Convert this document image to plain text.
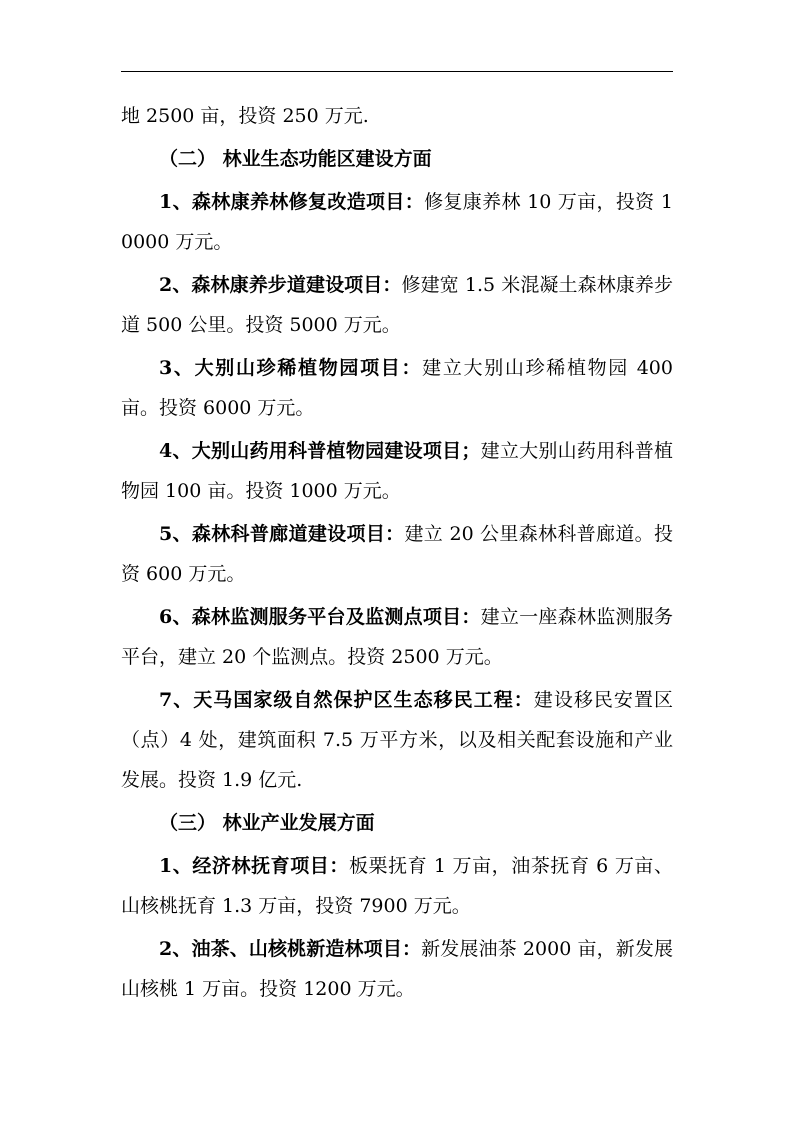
地 2500 亩，投资 250 万元.

（二） 林业生态功能区建设方面

1、森林康养林修复改造项目：修复康养林 10 万亩，投资 10000 万元。

2、森林康养步道建设项目：修建宽 1.5 米混凝土森林康养步道 500 公里。投资 5000 万元。

3、大别山珍稀植物园项目：建立大别山珍稀植物园 400 亩。投资 6000 万元。

4、大别山药用科普植物园建设项目；建立大别山药用科普植物园 100 亩。投资 1000 万元。

5、森林科普廊道建设项目：建立 20 公里森林科普廊道。投资 600 万元。

6、森林监测服务平台及监测点项目：建立一座森林监测服务平台，建立 20 个监测点。投资 2500 万元。

7、天马国家级自然保护区生态移民工程：建设移民安置区（点）4 处，建筑面积 7.5 万平方米，以及相关配套设施和产业发展。投资 1.9 亿元.

（三） 林业产业发展方面

1、经济林抚育项目：板栗抚育 1 万亩，油茶抚育 6 万亩、山核桃抚育 1.3 万亩，投资 7900 万元。

2、油茶、山核桃新造林项目：新发展油茶 2000 亩，新发展山核桃 1 万亩。投资 1200 万元。
